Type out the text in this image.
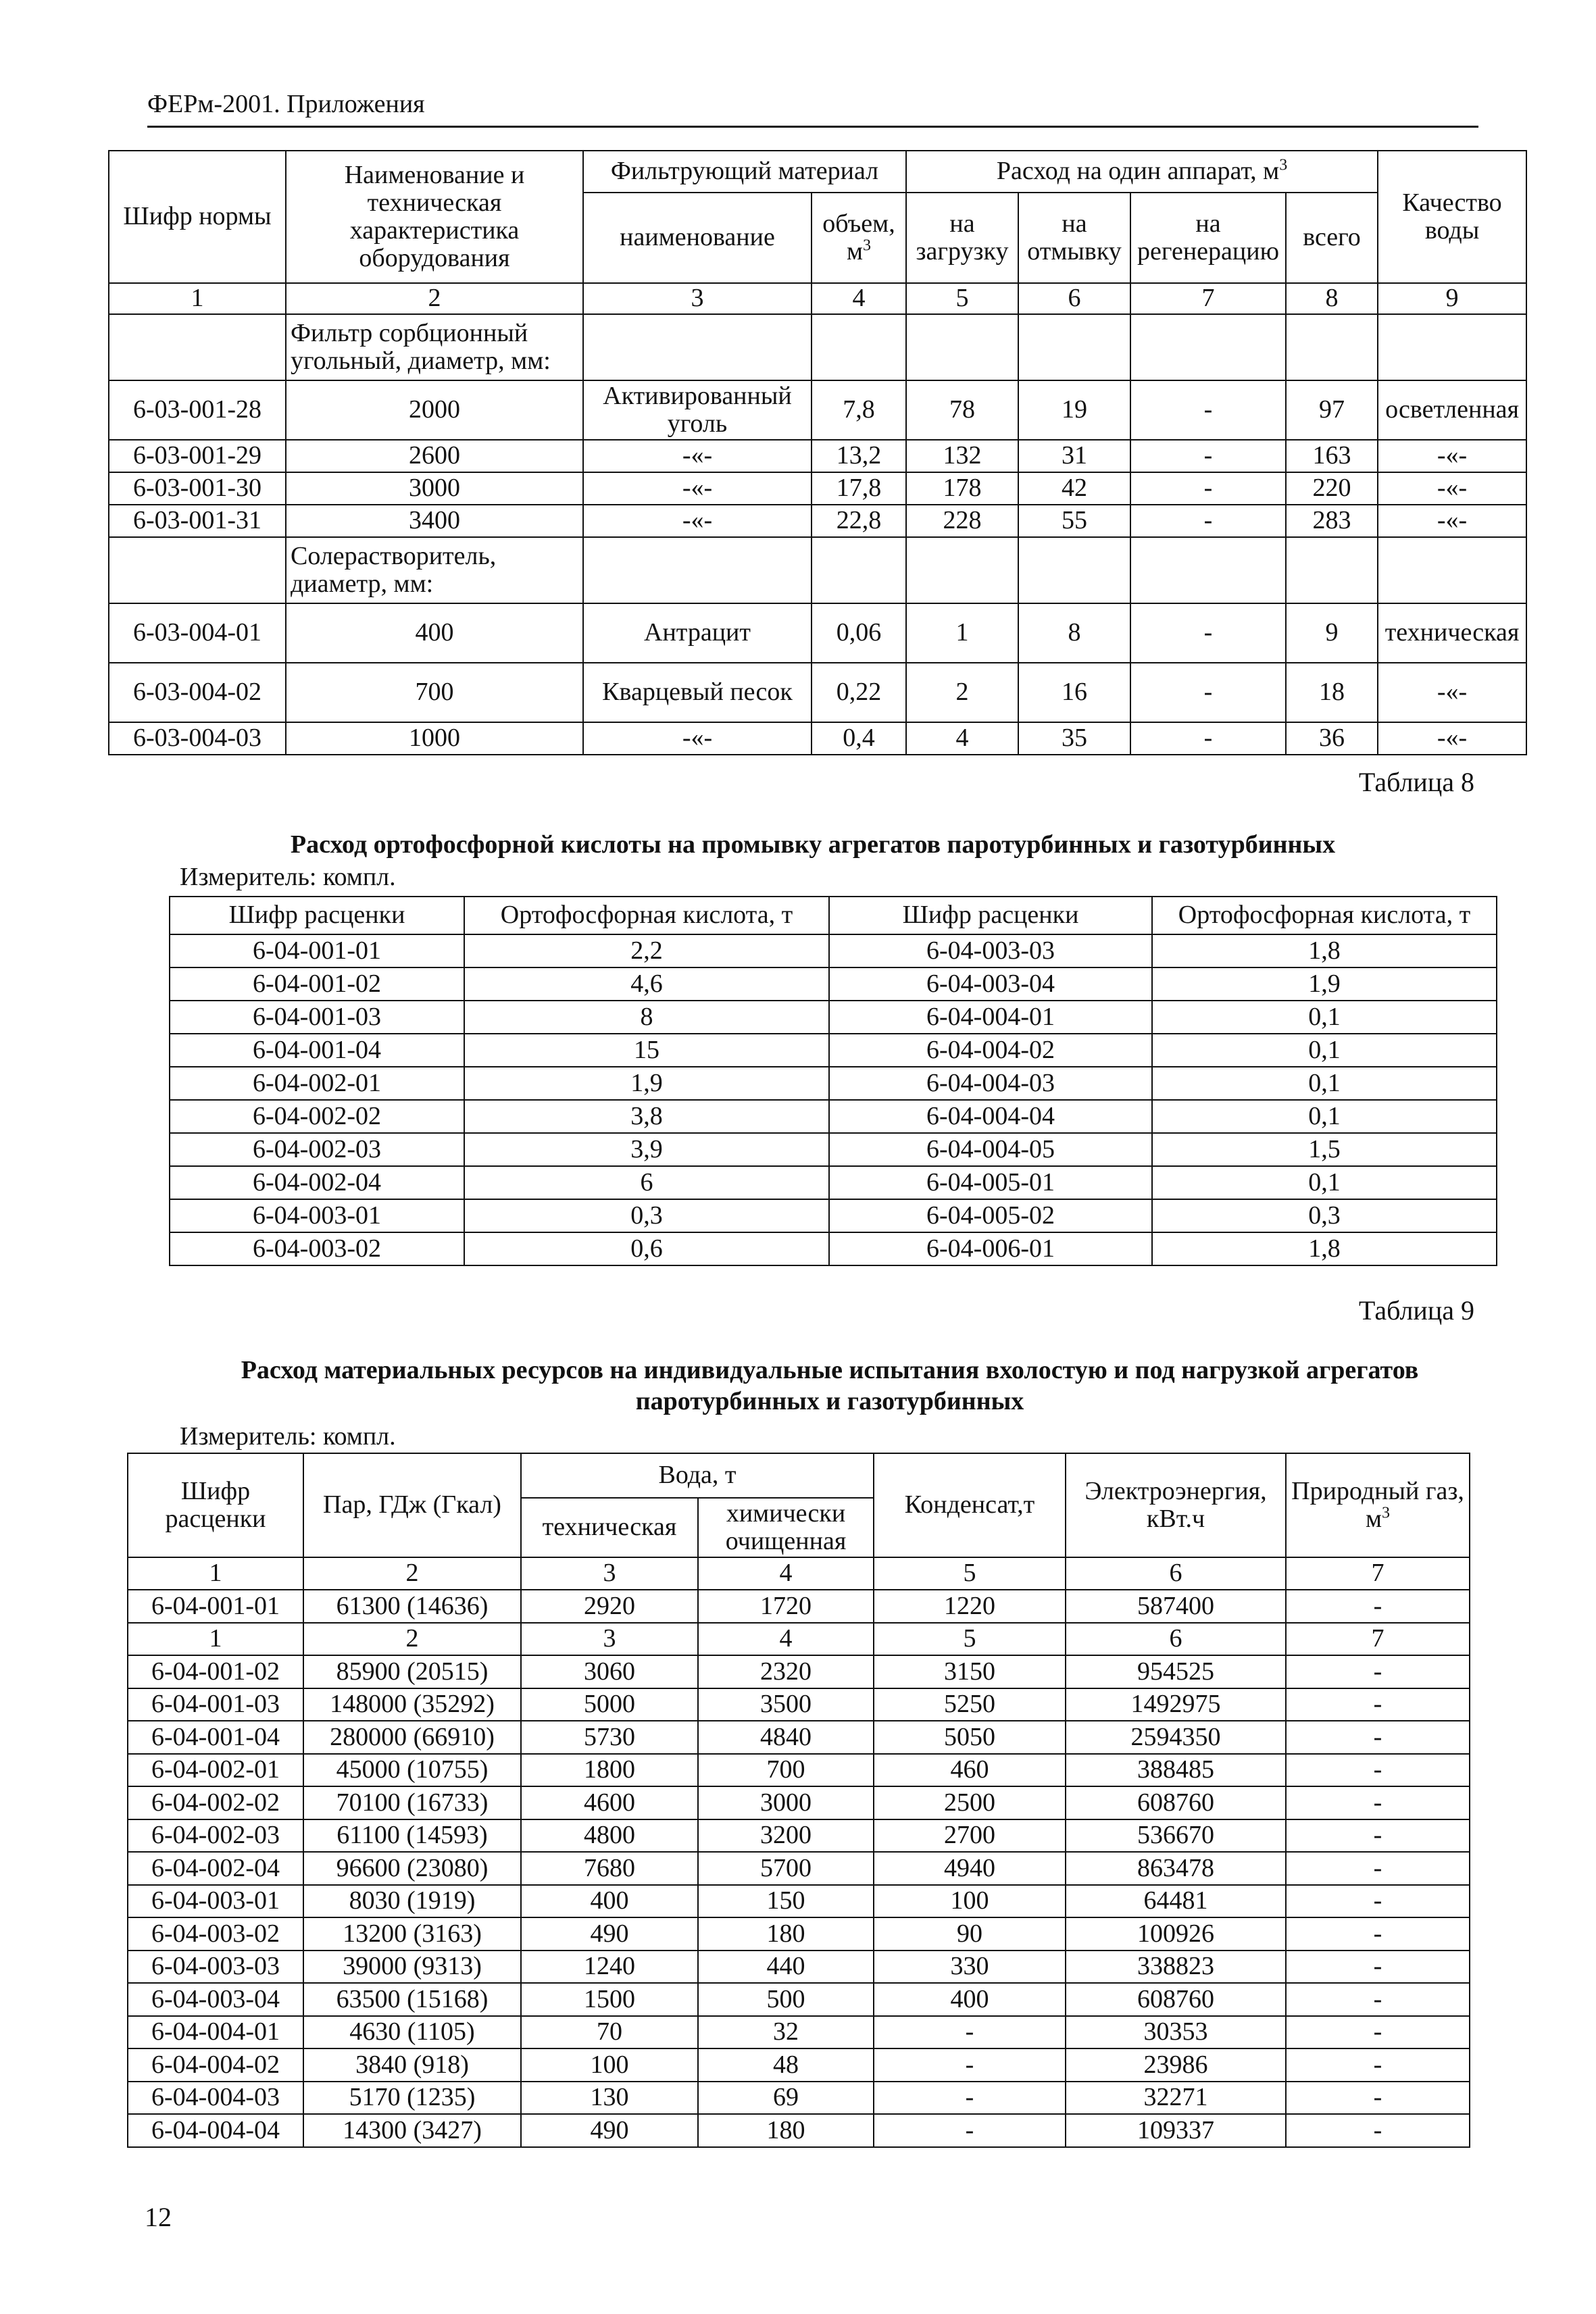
ФЕРм-2001. Приложения
Шифр нормы	Наименование и техническая характеристика оборудования	Фильтрующий материал		Расход на один аппарат, $м^3$				Качество воды
		наименование	объем, $м^3$	на загрузку	на отмывку	на регенерацию	всего	
1	2	3	4	5	6	7	8	9
	Фильтр сорбционный угольный, диаметр, мм:							
6-03-001-28	2000	Активированный уголь	7,8	78	19	-	97	осветленная
6-03-001-29	2600	-«-	13,2	132	31	-	163	-«-
6-03-001-30	3000	-«-	17,8	178	42	-	220	-«-
6-03-001-31	3400	-«-	22,8	228	55	-	283	-«-
	Солерастворитель, диаметр, мм:							
6-03-004-01	400	Антрацит	0,06	1	8	-	9	техническая
6-03-004-02	700	Кварцевый песок	0,22	2	16	-	18	-«-
6-03-004-03	1000	-«-	0,4	4	35	-	36	-«-
Таблица 8
Расход ортофосфорной кислоты на промывку агрегатов паротурбинных и газотурбинных
Измеритель: компл.
Шифр расценки	Ортофосфорная кислота, т	Шифр расценки	Ортофосфорная кислота, т
6-04-001-01	2,2	6-04-003-03	1,8
6-04-001-02	4,6	6-04-003-04	1,9
6-04-001-03	8	6-04-004-01	0,1
6-04-001-04	15	6-04-004-02	0,1
6-04-002-01	1,9	6-04-004-03	0,1
6-04-002-02	3,8	6-04-004-04	0,1
6-04-002-03	3,9	6-04-004-05	1,5
6-04-002-04	6	6-04-005-01	0,1
6-04-003-01	0,3	6-04-005-02	0,3
6-04-003-02	0,6	6-04-006-01	1,8
Таблица 9
Расход материальных ресурсов на индивидуальные испытания вхолостую и под нагрузкой агрегатов паротурбинных и газотурбинных
Измеритель: компл.
Шифр расценки	Пар, ГДж (Гкал)	Вода, т		Конденсат,т	Электроэнергия, кВт.ч	Природный газ, $м^3$
		техническая	химически очищенная			
1	2	3	4	5	6	7
6-04-001-01	61300 (14636)	2920	1720	1220	587400	-
1	2	3	4	5	6	7
6-04-001-02	85900 (20515)	3060	2320	3150	954525	-
6-04-001-03	148000 (35292)	5000	3500	5250	1492975	-
6-04-001-04	280000 (66910)	5730	4840	5050	2594350	-
6-04-002-01	45000 (10755)	1800	700	460	388485	-
6-04-002-02	70100 (16733)	4600	3000	2500	608760	-
6-04-002-03	61100 (14593)	4800	3200	2700	536670	-
6-04-002-04	96600 (23080)	7680	5700	4940	863478	-
6-04-003-01	8030 (1919)	400	150	100	64481	-
6-04-003-02	13200 (3163)	490	180	90	100926	-
6-04-003-03	39000 (9313)	1240	440	330	338823	-
6-04-003-04	63500 (15168)	1500	500	400	608760	-
6-04-004-01	4630 (1105)	70	32	-	30353	-
6-04-004-02	3840 (918)	100	48	-	23986	-
6-04-004-03	5170 (1235)	130	69	-	32271	-
6-04-004-04	14300 (3427)	490	180	-	109337	-
12
